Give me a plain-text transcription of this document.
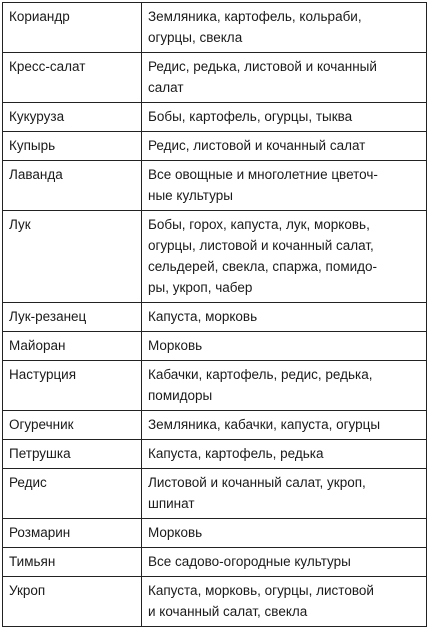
Кориандр	Земляника, картофель, кольраби,
огурцы, свекла

Кресс-салат	Редис, редька, листовой и кочанный
салат

Кукуруза	Бобы, картофель, огурцы, тыква

Купырь	Редис, листовой и кочанный салат

Лаванда	Все овощные и многолетние цветоч-
ные культуры

Лук	Бобы, горох, капуста, лук, морковь,
огурцы, листовой и кочанный салат,
сельдерей, свекла, спаржа, помидо-
ры, укроп, чабер

Лук-резанец	Капуста, морковь

Майоран	Морковь

Настурция	Кабачки, картофель, редис, редька,
помидоры

Огуречник	Земляника, кабачки, капуста, огурцы

Петрушка	Капуста, картофель, редька

Редис	Листовой и кочанный салат, укроп,
шпинат

Розмарин	Морковь

Тимьян	Все садово-огородные культуры

Укроп	Капуста, морковь, огурцы, листовой
и кочанный салат, свекла
